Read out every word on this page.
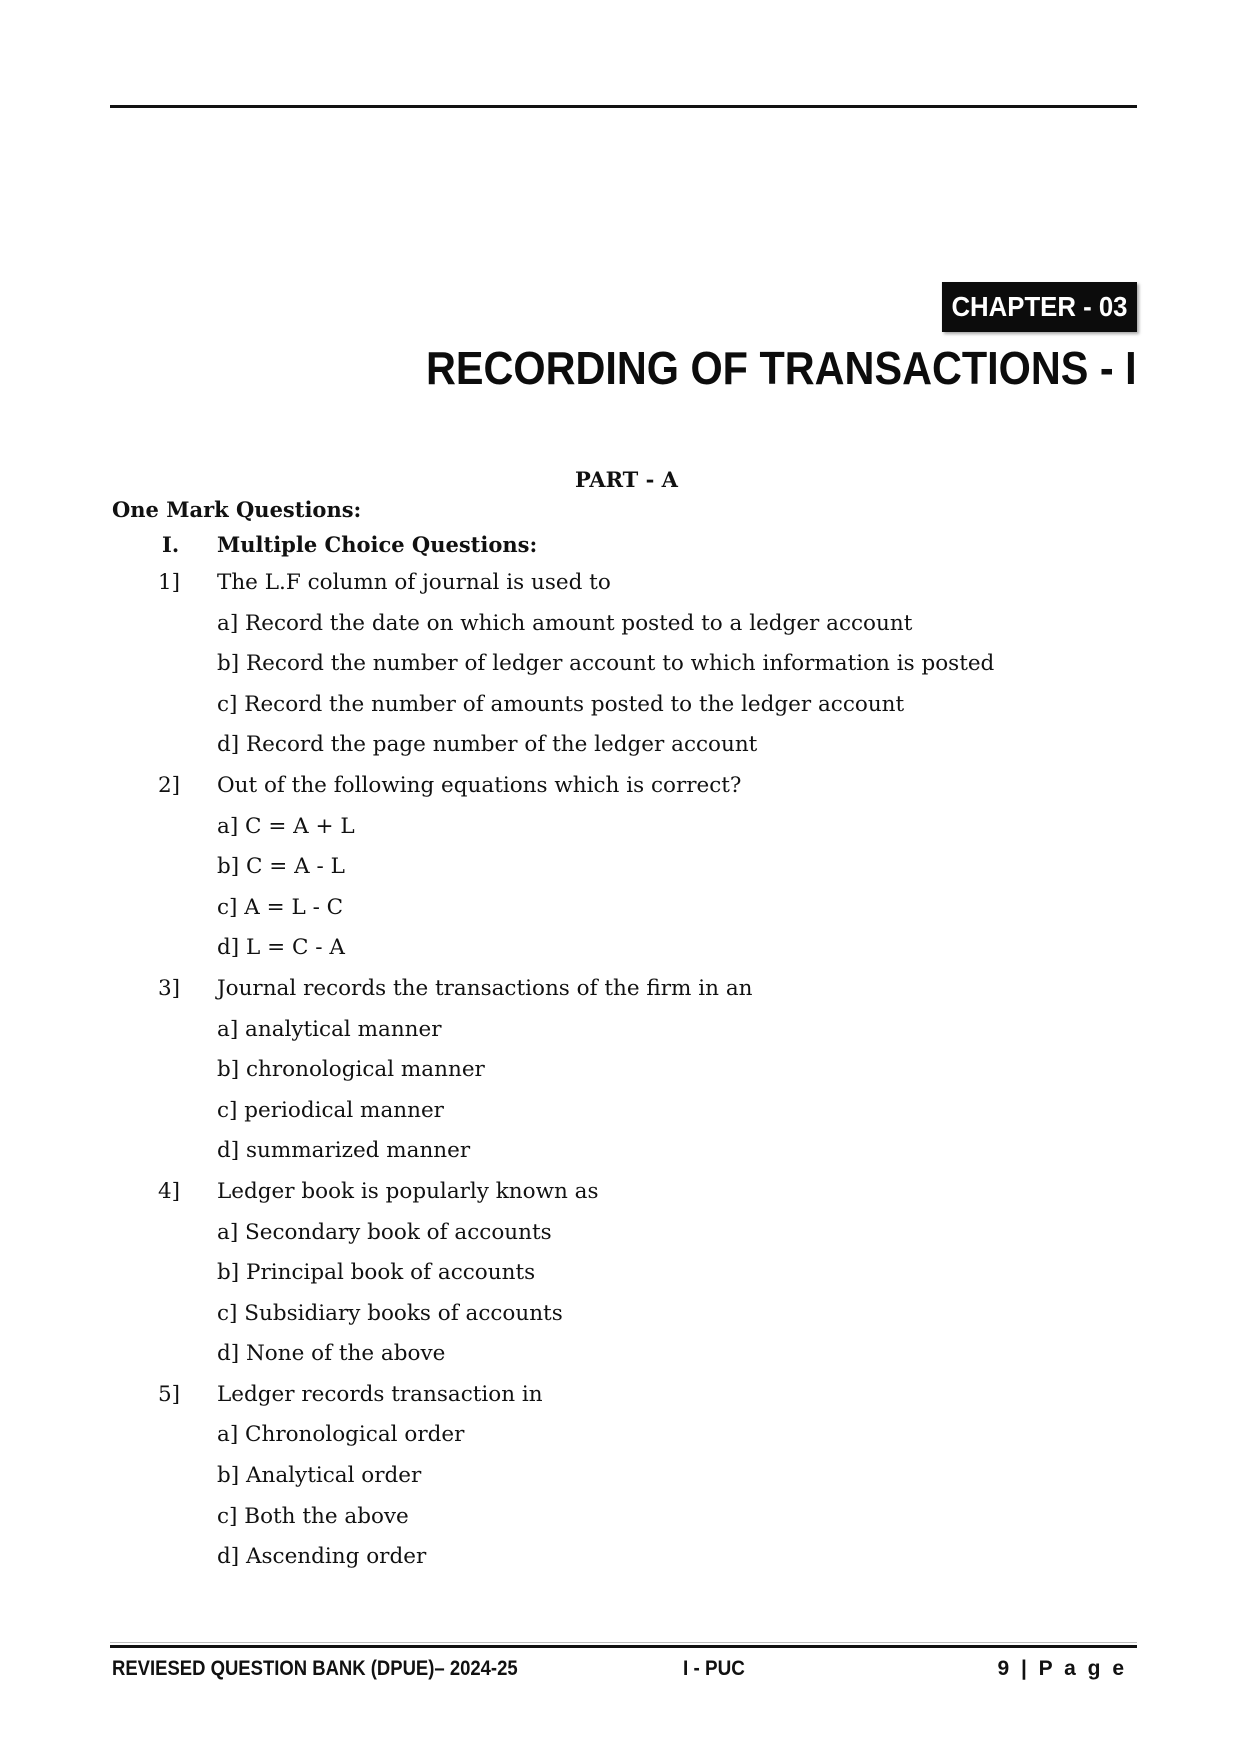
CHAPTER - 03
RECORDING OF TRANSACTIONS - I
PART - A
One Mark Questions:
I. Multiple Choice Questions:
1] The L.F column of journal is used to
a] Record the date on which amount posted to a ledger account
b] Record the number of ledger account to which information is posted
c] Record the number of amounts posted to the ledger account
d] Record the page number of the ledger account
2] Out of the following equations which is correct?
a] C = A + L
b] C = A - L
c] A = L - C
d] L = C - A
3] Journal records the transactions of the firm in an
a] analytical manner
b] chronological manner
c] periodical manner
d] summarized manner
4] Ledger book is popularly known as
a] Secondary book of accounts
b] Principal book of accounts
c] Subsidiary books of accounts
d] None of the above
5] Ledger records transaction in
a] Chronological order
b] Analytical order
c] Both the above
d] Ascending order
REVIESED QUESTION BANK (DPUE)– 2024-25	I - PUC	9 | P a g e
